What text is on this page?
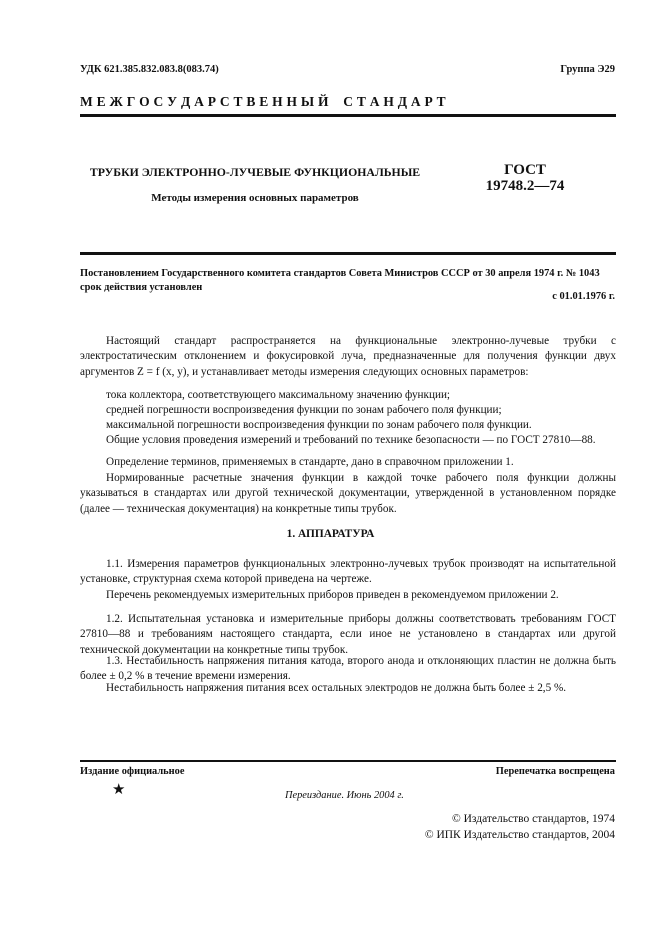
УДК 621.385.832.083.8(083.74)	Группа Э29
М Е Ж Г О С У Д А Р С Т В Е Н Н Ы Й    С Т А Н Д А Р Т
ТРУБКИ ЭЛЕКТРОННО-ЛУЧЕВЫЕ ФУНКЦИОНАЛЬНЫЕ
Методы измерения основных параметров
ГОСТ
19748.2—74
Постановлением Государственного комитета стандартов Совета Министров СССР от 30 апреля 1974 г. № 1043 срок действия установлен
с 01.01.1976 г.
Настоящий стандарт распространяется на функциональные электронно-лучевые трубки с электростатическим отклонением и фокусировкой луча, предназначенные для получения функции двух аргументов Z = f (x, y), и устанавливает методы измерения следующих основных параметров:
тока коллектора, соответствующего максимальному значению функции;
средней погрешности воспроизведения функции по зонам рабочего поля функции;
максимальной погрешности воспроизведения функции по зонам рабочего поля функции.
Общие условия проведения измерений и требований по технике безопасности — по ГОСТ 27810—88.
Определение терминов, применяемых в стандарте, дано в справочном приложении 1.
Нормированные расчетные значения функции в каждой точке рабочего поля функции должны указываться в стандартах или другой технической документации, утвержденной в установленном порядке (далее — техническая документация) на конкретные типы трубок.
1. АППАРАТУРА
1.1. Измерения параметров функциональных электронно-лучевых трубок производят на испытательной установке, структурная схема которой приведена на чертеже.
Перечень рекомендуемых измерительных приборов приведен в рекомендуемом приложении 2.
1.2. Испытательная установка и измерительные приборы должны соответствовать требованиям ГОСТ 27810—88 и требованиям настоящего стандарта, если иное не установлено в стандартах или другой технической документации на конкретные типы трубок.
1.3. Нестабильность напряжения питания катода, второго анода и отклоняющих пластин не должна быть более ± 0,2 % в течение времени измерения.
Нестабильность напряжения питания всех остальных электродов не должна быть более ± 2,5 %.
Издание официальное	Перепечатка воспрещена
★	Переиздание. Июнь 2004 г.
© Издательство стандартов, 1974
© ИПК Издательство стандартов, 2004
